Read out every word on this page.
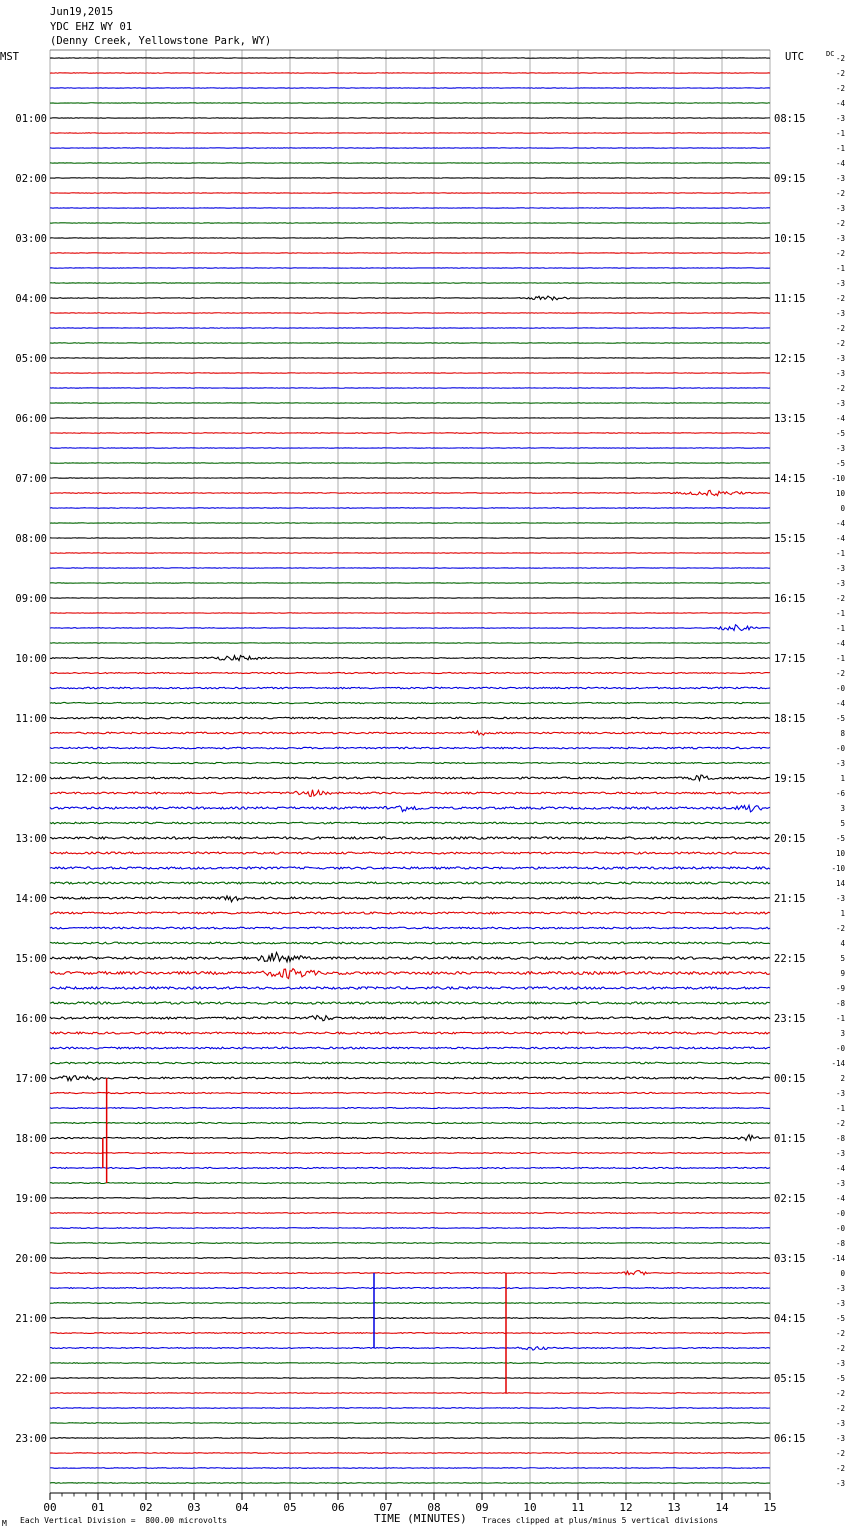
Jun19,2015
YDC EHZ WY 01
(Denny Creek, Yellowstone Park, WY)
MST	UTC	DC
01:00
02:00
03:00
04:00
05:00
06:00
07:00
08:00
09:00
10:00
11:00
12:00
13:00
14:00
15:00
16:00
17:00
18:00
19:00
20:00
21:00
22:00
23:00
08:15
09:15
10:15
11:15
12:15
13:15
14:15
15:15
16:15
17:15
18:15
19:15
20:15
21:15
22:15
23:15
00:15
01:15
02:15
03:15
04:15
05:15
06:15
-2
-2
-2
-4
-3
-1
-1
-4
-3
-2
-3
-2
-3
-2
-1
-3
-2
-3
-2
-2
-3
-3
-2
-3
-4
-5
-3
-5
-10
10
0
-4
-4
-1
-3
-3
-2
-1
-1
-4
-1
-2
-0
-4
-5
8
-0
-3
1
-6
3
5
-5
10
-10
14
-3
1
-2
4
5
9
-9
-8
-1
3
-0
-14
2
-3
-1
-2
-8
-3
-4
-3
-4
-0
-0
-8
-14
0
-3
-3
-5
-2
-2
-3
-5
-2
-2
-3
-3
-2
-2
-3
00	01	02	03	04	05	06	07	08	09	10	11	12	13	14	15
M Each Vertical Division =  800.00 microvolts	TIME (MINUTES) Traces clipped at plus/minus 5 vertical divisions
